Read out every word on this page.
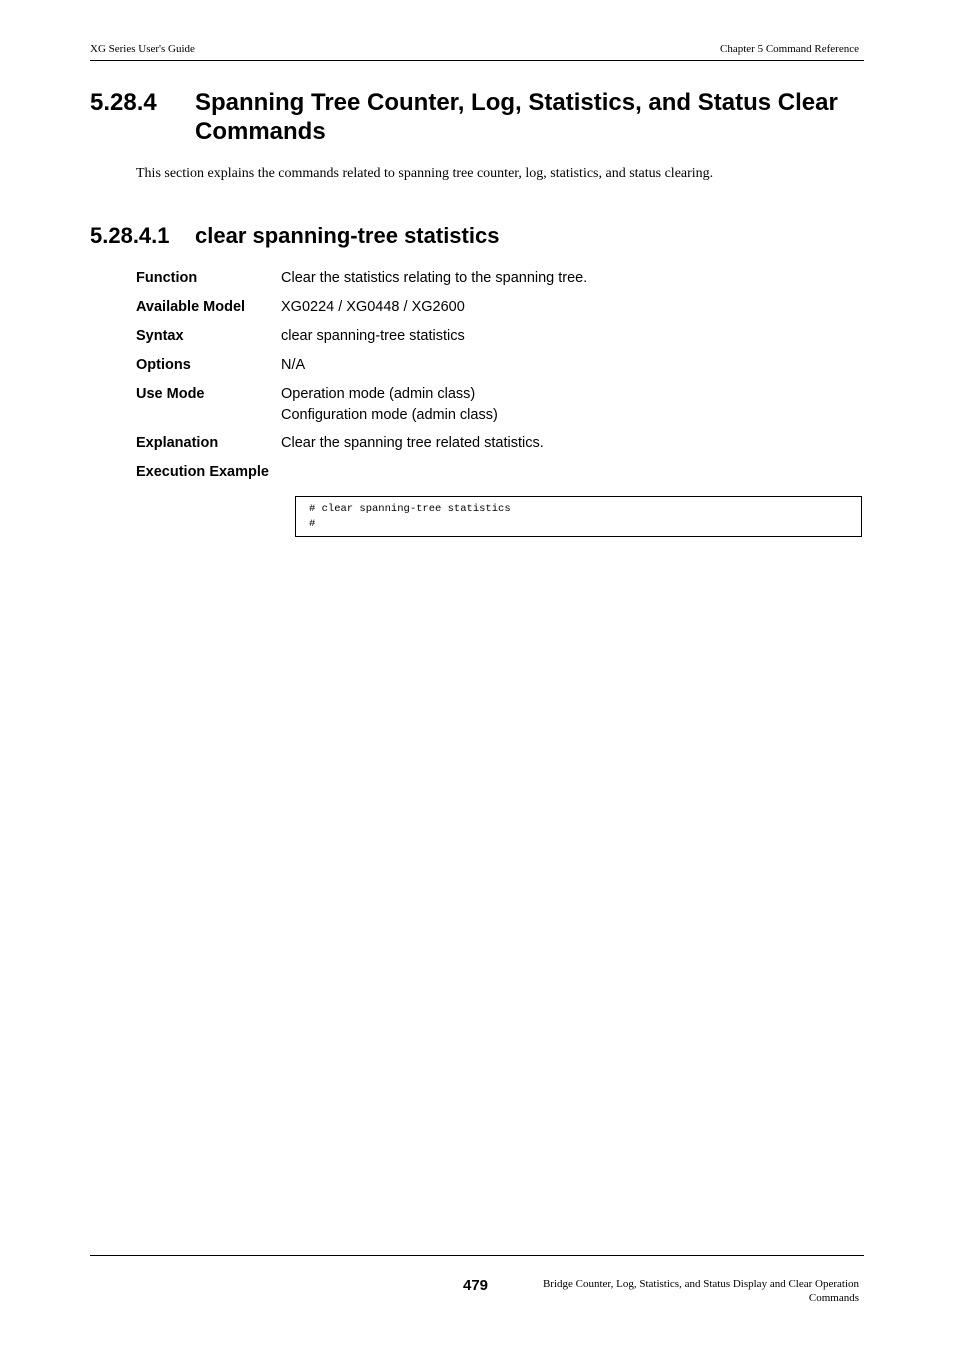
XG Series User's Guide	Chapter 5 Command Reference
5.28.4 Spanning Tree Counter, Log, Statistics, and Status Clear Commands
This section explains the commands related to spanning tree counter, log, statistics, and status clearing.
5.28.4.1 clear spanning-tree statistics
Function	Clear the statistics relating to the spanning tree.
Available Model XG0224 / XG0448 / XG2600
Syntax	clear spanning-tree statistics
Options	N/A
Use Mode	Operation mode (admin class)
Configuration mode (admin class)
Explanation	Clear the spanning tree related statistics.
Execution Example
# clear spanning-tree statistics
#
479	Bridge Counter, Log, Statistics, and Status Display and Clear Operation
Commands
